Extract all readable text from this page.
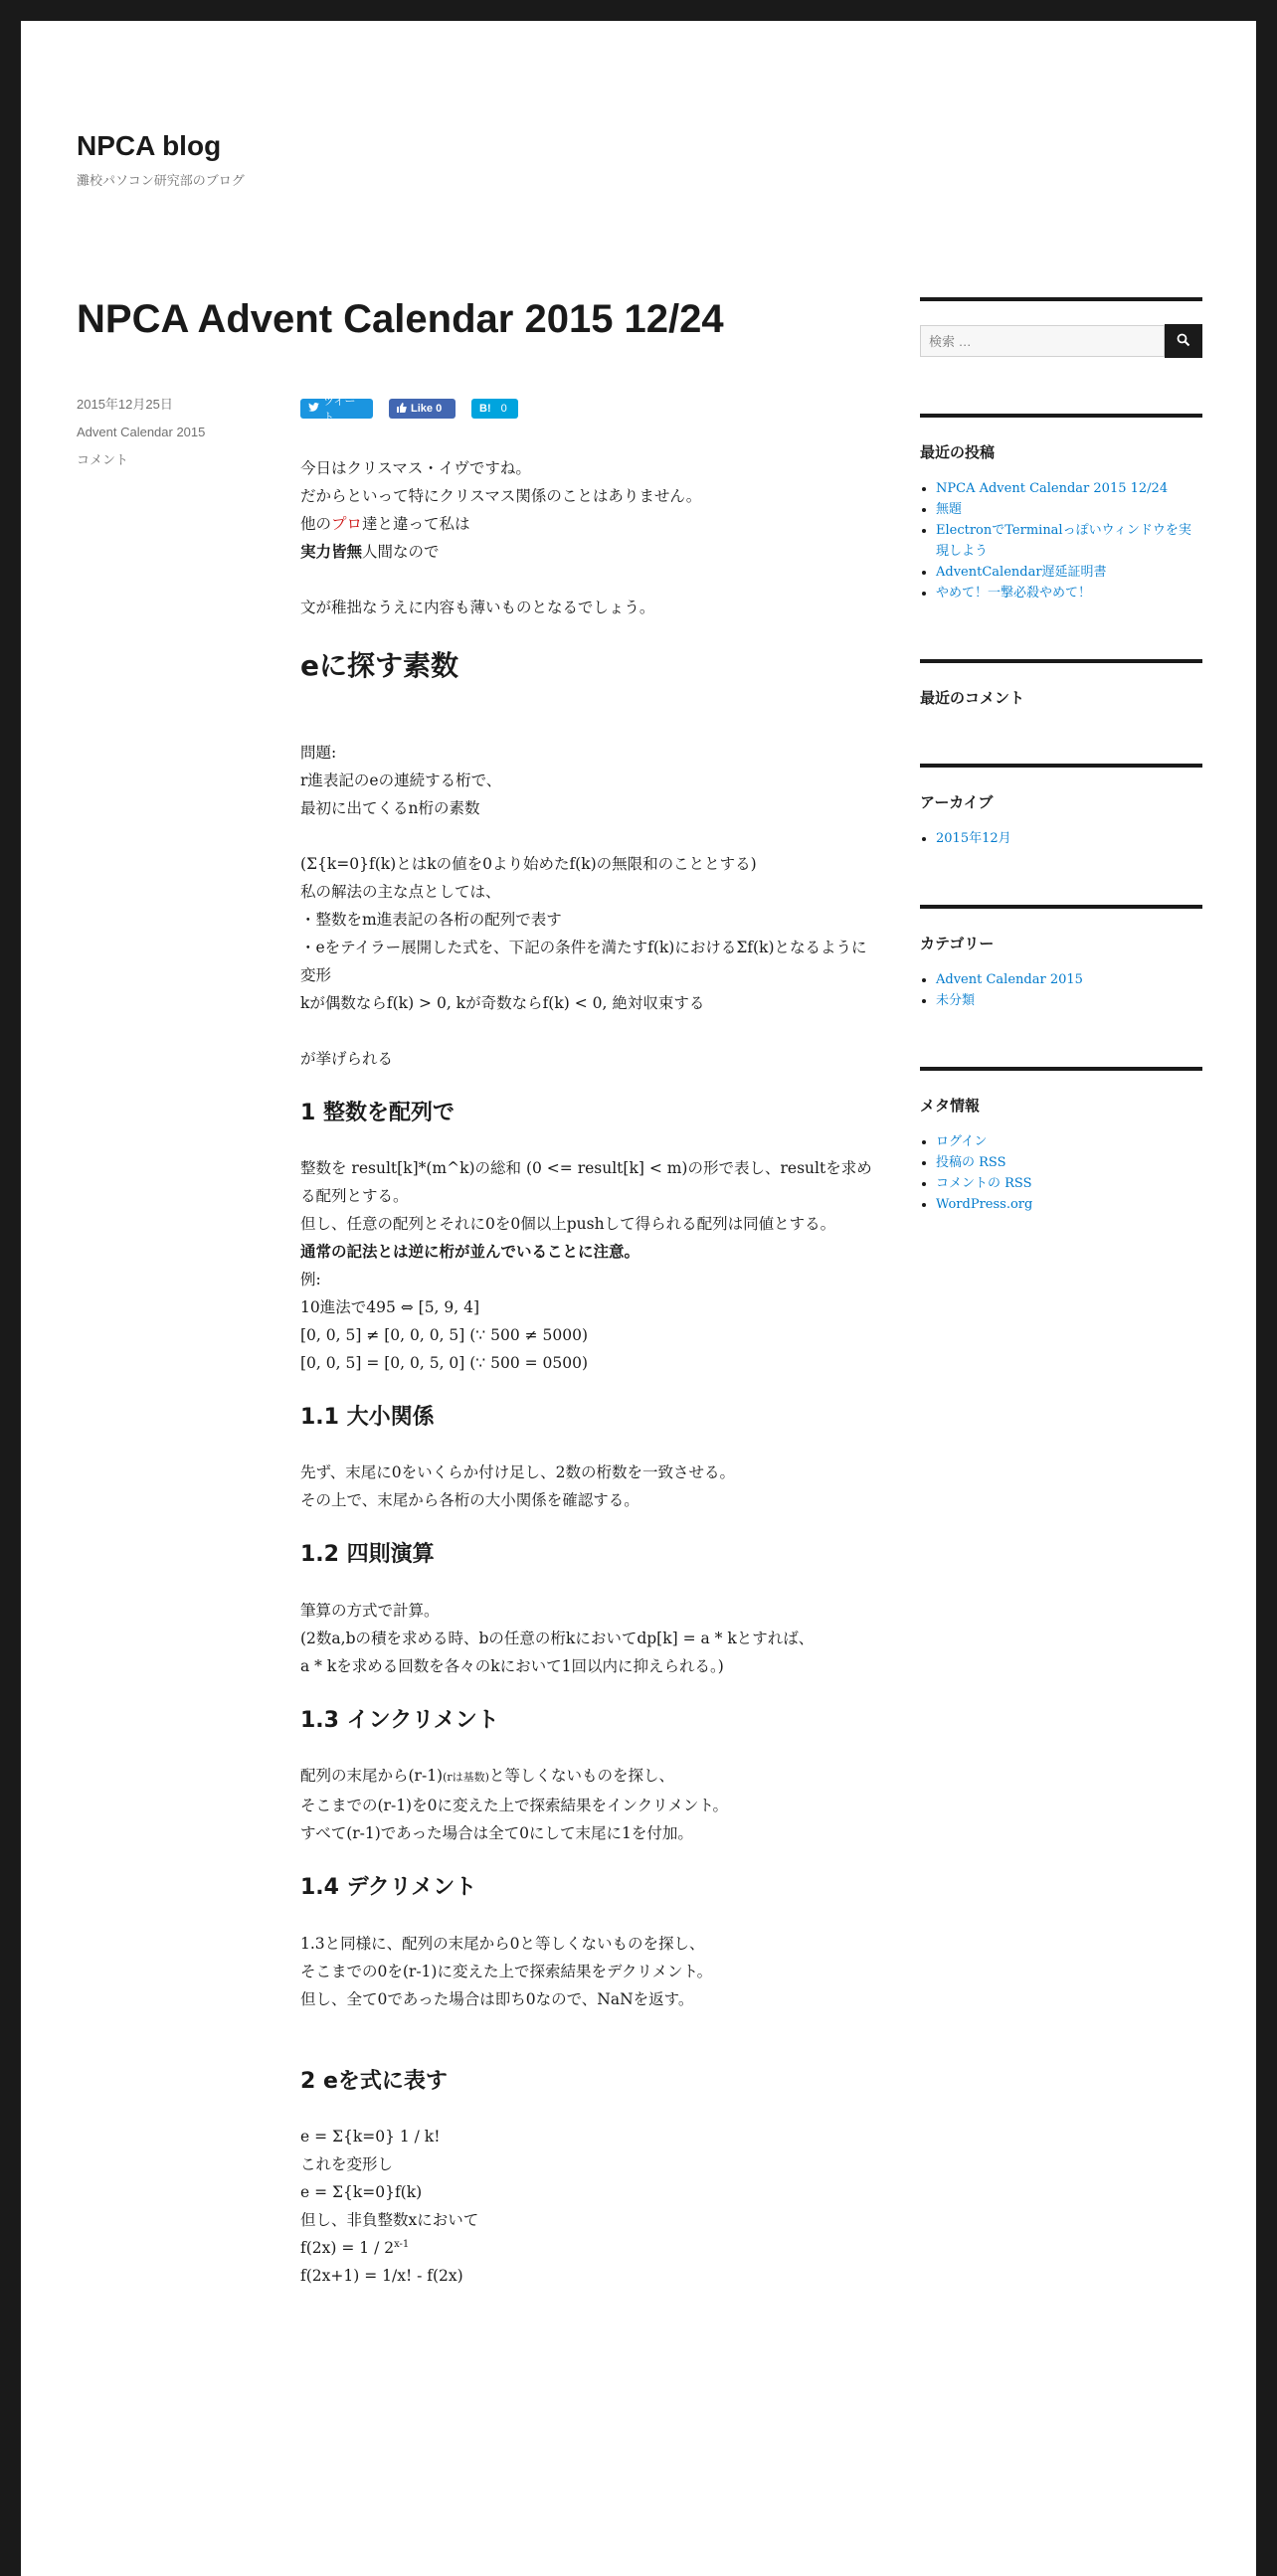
NPCA blog
灘校パソコン研究部のブログ
NPCA Advent Calendar 2015 12/24
2015年12月25日
Advent Calendar 2015
コメント
ツイート
Like 0	B! 0

今日はクリスマス・イヴですね。
だからといって特にクリスマス関係のことはありません。
他のプロ達と違って私は
実力皆無人間なので

文が稚拙なうえに内容も薄いものとなるでしょう。

eに探す素数

問題:
r進表記のeの連続する桁で、
最初に出てくるn桁の素数

(Σ{k=0}f(k)とはkの値を0より始めたf(k)の無限和のこととする)
私の解法の主な点としては、
・整数をm進表記の各桁の配列で表す
・eをテイラー展開した式を、下記の条件を満たすf(k)におけるΣf(k)となるように変形
kが偶数ならf(k) > 0, kが奇数ならf(k) < 0, 絶対収束する

が挙げられる

1 整数を配列で

整数を result[k]*(m^k)の総和 (0 <= result[k] < m)の形で表し、resultを求める配列とする。
但し、任意の配列とそれに0を0個以上pushして得られる配列は同値とする。
通常の記法とは逆に桁が並んでいることに注意。
例:
10進法で495 ⇔ [5, 9, 4]
[0, 0, 5] ≠ [0, 0, 0, 5] (∵ 500 ≠ 5000)
[0, 0, 5] = [0, 0, 5, 0] (∵ 500 = 0500)

1.1 大小関係

先ず、末尾に0をいくらか付け足し、2数の桁数を一致させる。
その上で、末尾から各桁の大小関係を確認する。

1.2 四則演算

筆算の方式で計算。
(2数a,bの積を求める時、bの任意の桁kにおいてdp[k] = a * kとすれば、
a * kを求める回数を各々のkにおいて1回以内に抑えられる。)

1.3 インクリメント

配列の末尾から(r-1)(rは基数)と等しくないものを探し、
そこまでの(r-1)を0に変えた上で探索結果をインクリメント。
すべて(r-1)であった場合は全て0にして末尾に1を付加。

1.4 デクリメント

1.3と同様に、配列の末尾から0と等しくないものを探し、
そこまでの0を(r-1)に変えた上で探索結果をデクリメント。
但し、全て0であった場合は即ち0なので、NaNを返す。

2 eを式に表す

e = Σ{k=0} 1 / k!
これを変形し
e = Σ{k=0}f(k)
但し、非負整数xにおいて
f(2x) = 1 / 2$^{x-1}$
f(2x+1) = 1/x! - f(2x)

検索 …
最近の投稿
• NPCA Advent Calendar 2015 12/24
• 無題
• ElectronでTerminalっぽいウィンドウを実現しよう
• AdventCalendar遅延証明書
• やめて！一撃必殺やめて！
最近のコメント
アーカイブ
• 2015年12月
カテゴリー
• Advent Calendar 2015
• 未分類
メタ情報
• ログイン
• 投稿の RSS
• コメントの RSS
• WordPress.org
